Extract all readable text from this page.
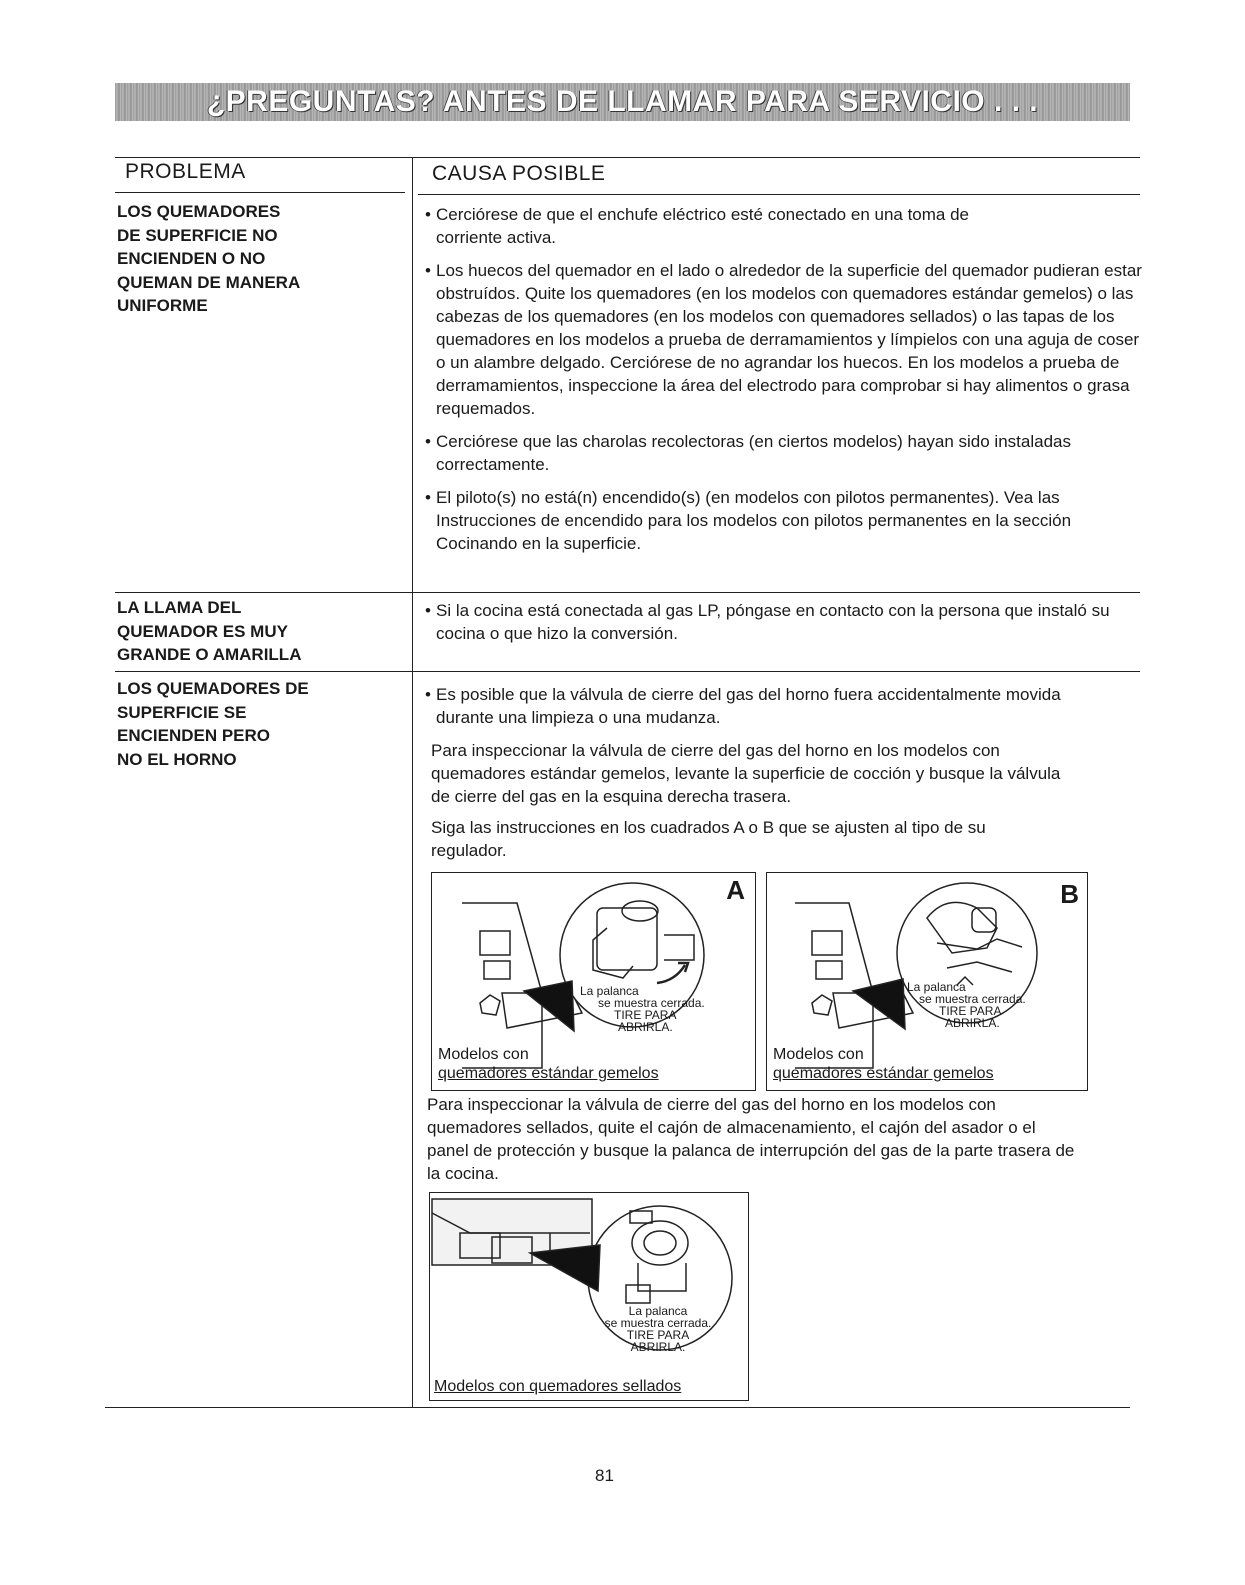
¿PREGUNTAS? ANTES DE LLAMAR PARA SERVICIO . . .
PROBLEMA	CAUSA POSIBLE
LOS QUEMADORES
DE SUPERFICIE NO
ENCIENDEN O NO
QUEMAN DE MANERA
UNIFORME
• Cerciórese de que el enchufe eléctrico esté conectado en una toma de corriente activa.
• Los huecos del quemador en el lado o alrededor de la superficie del quemador pudieran estar obstruídos. Quite los quemadores (en los modelos con quemadores estándar gemelos) o las cabezas de los quemadores (en los modelos con quemadores sellados) o las tapas de los quemadores en los modelos a prueba de derramamientos y límpielos con una aguja de coser o un alambre delgado. Cerciórese de no agrandar los huecos. En los modelos a prueba de derramamientos, inspeccione la área del electrodo para comprobar si hay alimentos o grasa requemados.
• Cerciórese que las charolas recolectoras (en ciertos modelos) hayan sido instaladas correctamente.
• El piloto(s) no está(n) encendido(s) (en modelos con pilotos permanentes). Vea las Instrucciones de encendido para los modelos con pilotos permanentes en la sección Cocinando en la superficie.
LA LLAMA DEL
QUEMADOR ES MUY
GRANDE O AMARILLA
• Si la cocina está conectada al gas LP, póngase en contacto con la persona que instaló su cocina o que hizo la conversión.
LOS QUEMADORES DE
SUPERFICIE SE
ENCIENDEN PERO
NO EL HORNO
• Es posible que la válvula de cierre del gas del horno fuera accidentalmente movida durante una limpieza o una mudanza.
Para inspeccionar la válvula de cierre del gas del horno en los modelos con quemadores estándar gemelos, levante la superficie de cocción y busque la válvula de cierre del gas en la esquina derecha trasera.
Siga las instrucciones en los cuadrados A o B que se ajusten al tipo de su regulador.
A
La palanca
se muestra cerrada.
TIRE PARA
ABRIRLA.
Modelos con
quemadores estándar gemelos
B
La palanca
se muestra cerrada.
TIRE PARA
ABRIRLA.
Modelos con
quemadores estándar gemelos
Para inspeccionar la válvula de cierre del gas del horno en los modelos con quemadores sellados, quite el cajón de almacenamiento, el cajón del asador o el panel de protección y busque la palanca de interrupción del gas de la parte trasera de la cocina.
La palanca
se muestra cerrada.
TIRE PARA
ABRIRLA.
Modelos con quemadores sellados
81
